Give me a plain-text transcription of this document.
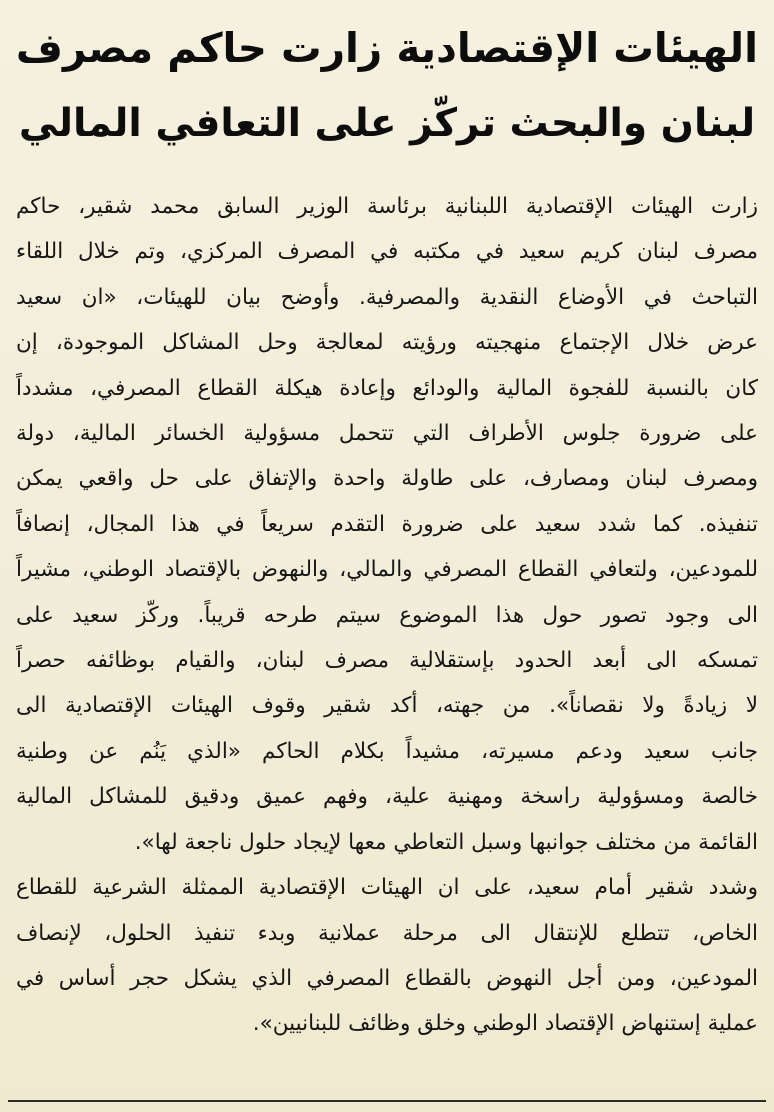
الهيئات الإقتصادية زارت حاكم مصرف
لبنان والبحث تركّز على التعافي المالي
زارت الهيئات الإقتصادية اللبنانية برئاسة الوزير السابق محمد شقير، حاكم
مصرف لبنان كريم سعيد في مكتبه في المصرف المركزي، وتم خلال اللقاء
التباحث في الأوضاع النقدية والمصرفية. وأوضح بيان للهيئات، «ان سعيد
عرض خلال الإجتماع منهجيته ورؤيته لمعالجة وحل المشاكل الموجودة، إن
كان بالنسبة للفجوة المالية والودائع وإعادة هيكلة القطاع المصرفي، مشدداً
على ضرورة جلوس الأطراف التي تتحمل مسؤولية الخسائر المالية، دولة
ومصرف لبنان ومصارف، على طاولة واحدة والإتفاق على حل واقعي يمكن
تنفيذه. كما شدد سعيد على ضرورة التقدم سريعاً في هذا المجال، إنصافاً
للمودعين، ولتعافي القطاع المصرفي والمالي، والنهوض بالإقتصاد الوطني، مشيراً
الى وجود تصور حول هذا الموضوع سيتم طرحه قريباً. وركّز سعيد على
تمسكه الى أبعد الحدود بإستقلالية مصرف لبنان، والقيام بوظائفه حصراً
لا زيادةً ولا نقصاناً». من جهته، أكد شقير وقوف الهيئات الإقتصادية الى
جانب سعيد ودعم مسيرته، مشيداً بكلام الحاكم «الذي يَنُم عن وطنية
خالصة ومسؤولية راسخة ومهنية علية، وفهم عميق ودقيق للمشاكل المالية
القائمة من مختلف جوانبها وسبل التعاطي معها لإيجاد حلول ناجعة لها».
وشدد شقير أمام سعيد، على ان الهيئات الإقتصادية الممثلة الشرعية للقطاع
الخاص، تتطلع للإنتقال الى مرحلة عملانية وبدء تنفيذ الحلول، لإنصاف
المودعين، ومن أجل النهوض بالقطاع المصرفي الذي يشكل حجر أساس في
عملية إستنهاض الإقتصاد الوطني وخلق وظائف للبنانيين».
